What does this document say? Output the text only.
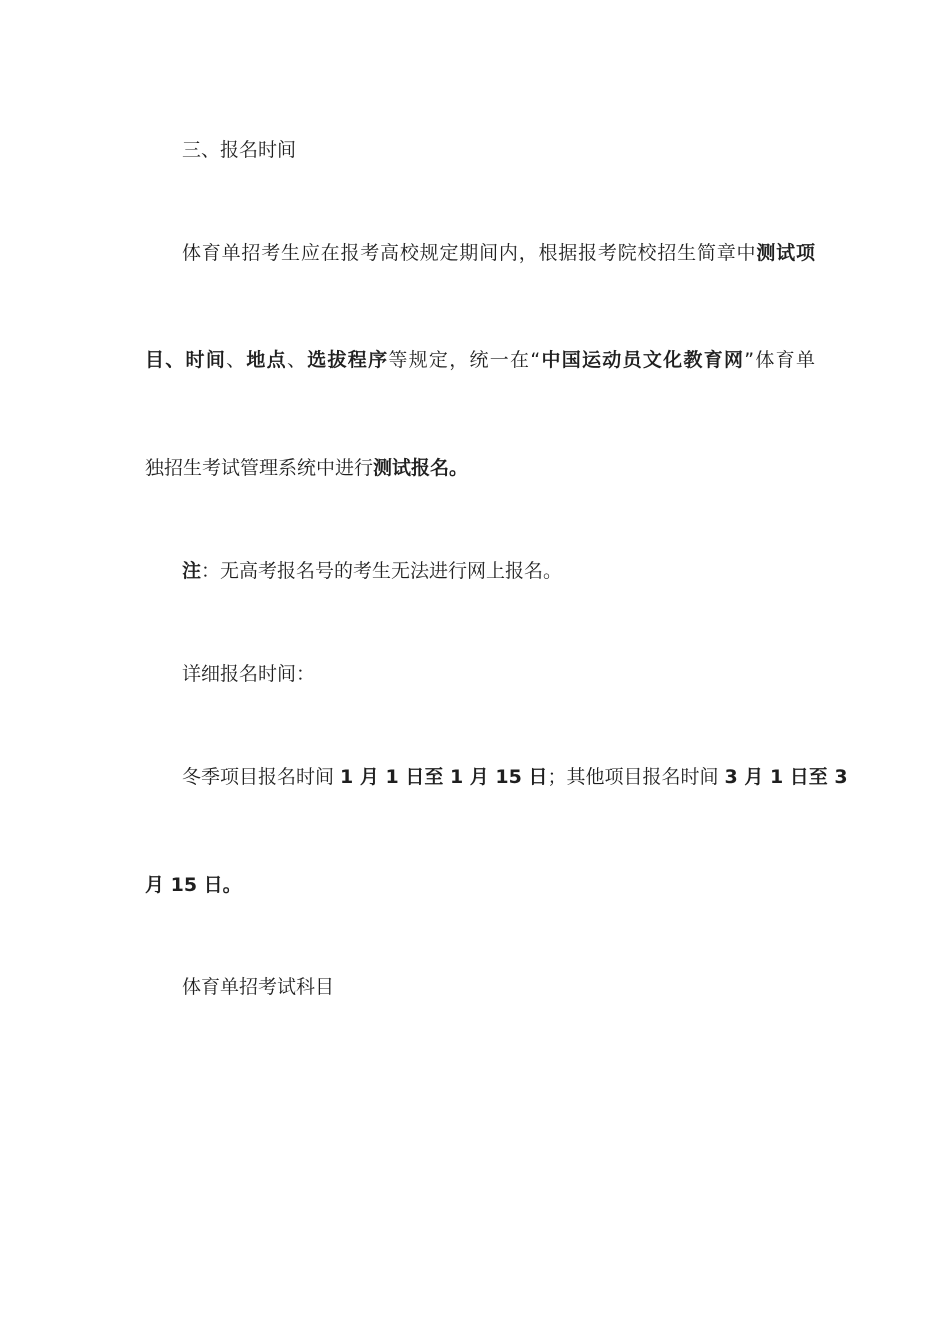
三、报名时间
体育单招考生应在报考高校规定期间内，根据报考院校招生简章中测试项
目、时间、地点、选拔程序等规定，统一在“中国运动员文化教育网”体育单
独招生考试管理系统中进行测试报名。
注：无高考报名号的考生无法进行网上报名。
详细报名时间：
冬季项目报名时间 1 月 1 日至 1 月 15 日；其他项目报名时间 3 月 1 日至 3
月 15 日。
体育单招考试科目
